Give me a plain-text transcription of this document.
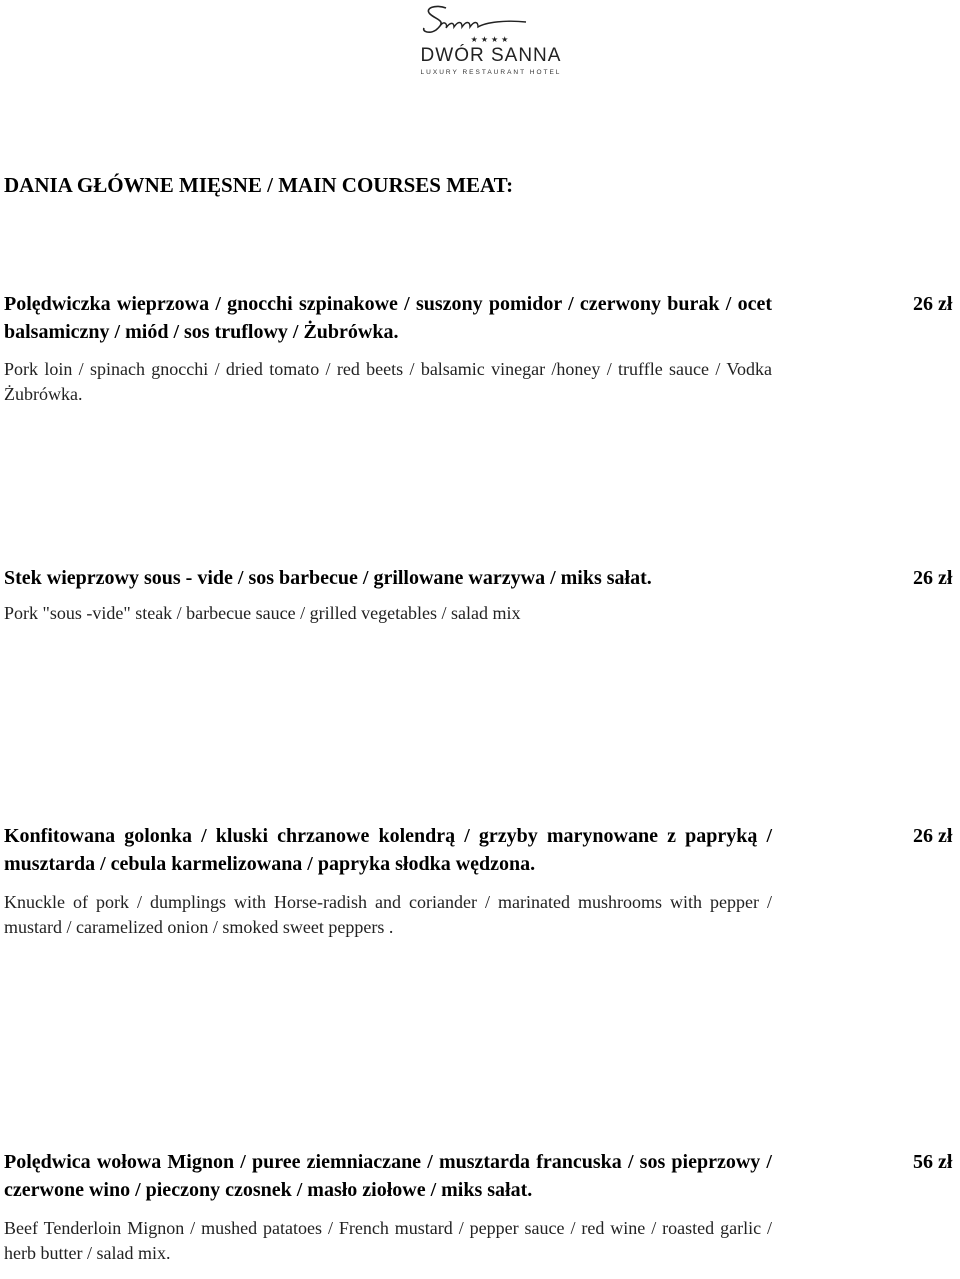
★★★★
DWÓR SANNA
LUXURY RESTAURANT HOTEL
DANIA GŁÓWNE MIĘSNE / MAIN COURSES MEAT:

Polędwiczka wieprzowa / gnocchi szpinakowe / suszony pomidor / czerwony burak / ocet balsamiczny / miód / sos truflowy / Żubrówka.

Pork loin / spinach gnocchi / dried tomato / red beets / balsamic vinegar /honey / truffle sauce / Vodka Żubrówka.

26 zł

Stek wieprzowy sous - vide / sos barbecue / grillowane warzywa / miks sałat.

Pork "sous -vide" steak / barbecue sauce / grilled vegetables / salad mix

26 zł

Konfitowana golonka / kluski chrzanowe kolendrą / grzyby marynowane z papryką / musztarda / cebula karmelizowana / papryka słodka wędzona.

Knuckle of pork / dumplings with Horse-radish and coriander / marinated mushrooms with pepper / mustard / caramelized onion / smoked sweet peppers .

26 zł

Polędwica wołowa Mignon / puree ziemniaczane / musztarda francuska / sos pieprzowy / czerwone wino / pieczony czosnek / masło ziołowe / miks sałat.

Beef Tenderloin Mignon / mushed patatoes / French mustard / pepper sauce / red wine / roasted garlic / herb butter / salad mix.

56 zł
